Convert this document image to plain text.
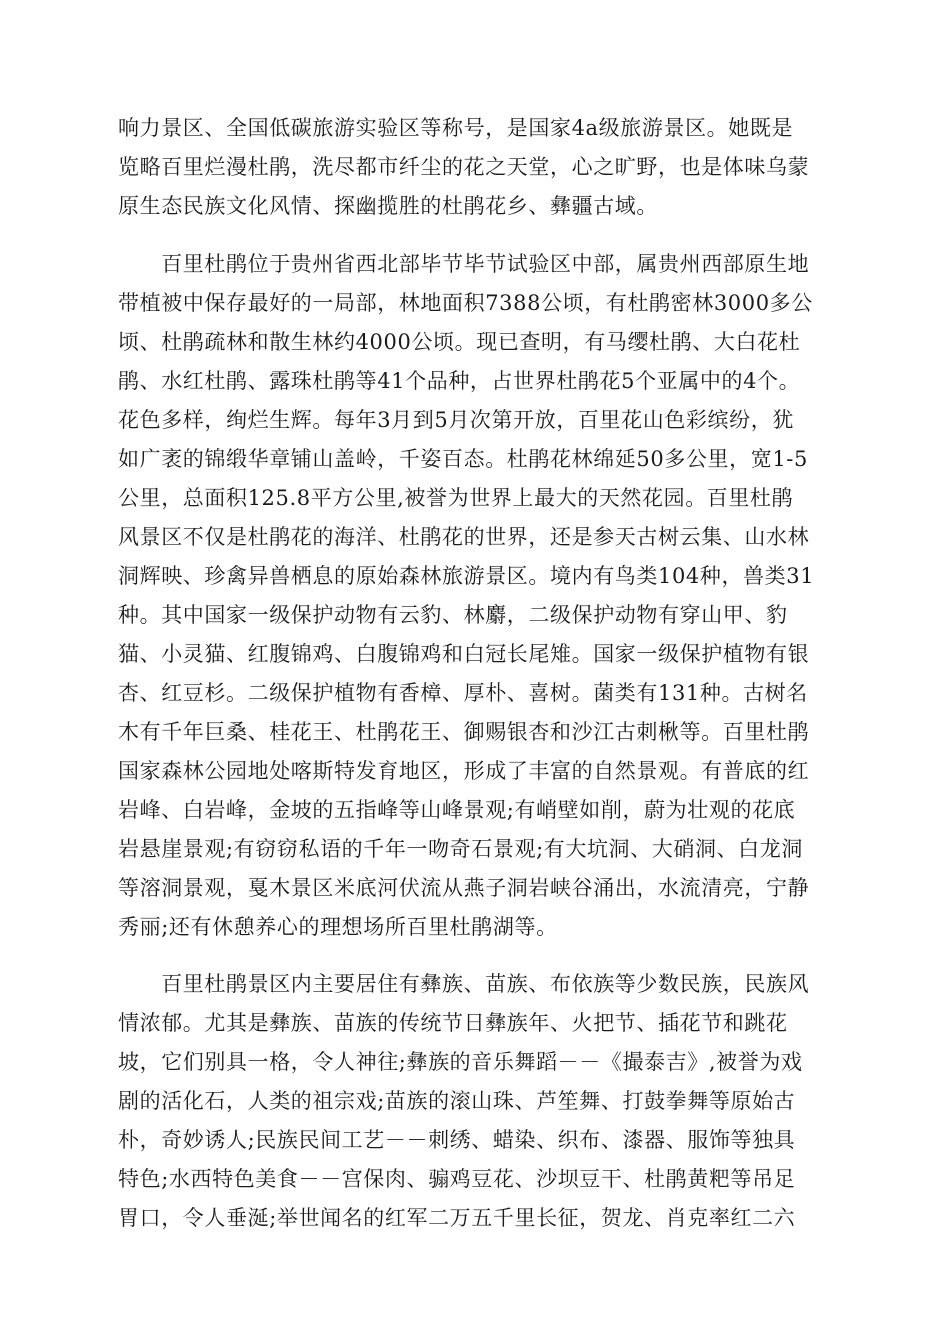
响力景区、全国低碳旅游实验区等称号，是国家4a级旅游景区。她既是
览略百里烂漫杜鹃，洗尽都市纤尘的花之天堂，心之旷野，也是体味乌蒙
原生态民族文化风情、探幽揽胜的杜鹃花乡、彝疆古域。
　　百里杜鹃位于贵州省西北部毕节毕节试验区中部，属贵州西部原生地
带植被中保存最好的一局部，林地面积7388公顷，有杜鹃密林3000多公
顷、杜鹃疏林和散生林约4000公顷。现已查明，有马缨杜鹃、大白花杜
鹃、水红杜鹃、露珠杜鹃等41个品种，占世界杜鹃花5个亚属中的4个。
花色多样，绚烂生辉。每年3月到5月次第开放，百里花山色彩缤纷，犹
如广袤的锦缎华章铺山盖岭，千姿百态。杜鹃花林绵延50多公里，宽1-5
公里，总面积125.8平方公里,被誉为世界上最大的天然花园。百里杜鹃
风景区不仅是杜鹃花的海洋、杜鹃花的世界，还是参天古树云集、山水林
洞辉映、珍禽异兽栖息的原始森林旅游景区。境内有鸟类104种，兽类31
种。其中国家一级保护动物有云豹、林麝，二级保护动物有穿山甲、豹
猫、小灵猫、红腹锦鸡、白腹锦鸡和白冠长尾雉。国家一级保护植物有银
杏、红豆杉。二级保护植物有香樟、厚朴、喜树。菌类有131种。古树名
木有千年巨桑、桂花王、杜鹃花王、御赐银杏和沙江古刺楸等。百里杜鹃
国家森林公园地处喀斯特发育地区，形成了丰富的自然景观。有普底的红
岩峰、白岩峰，金坡的五指峰等山峰景观;有峭壁如削，蔚为壮观的花底
岩悬崖景观;有窃窃私语的千年一吻奇石景观;有大坑洞、大硝洞、白龙洞
等溶洞景观，戛木景区米底河伏流从燕子洞岩峡谷涌出，水流清亮，宁静
秀丽;还有休憩养心的理想场所百里杜鹃湖等。
　　百里杜鹃景区内主要居住有彝族、苗族、布依族等少数民族，民族风
情浓郁。尤其是彝族、苗族的传统节日彝族年、火把节、插花节和跳花
坡，它们别具一格，令人神往;彝族的音乐舞蹈－－《撮泰吉》,被誉为戏
剧的活化石，人类的祖宗戏;苗族的滚山珠、芦笙舞、打鼓拳舞等原始古
朴，奇妙诱人;民族民间工艺－－刺绣、蜡染、织布、漆器、服饰等独具
特色;水西特色美食－－宫保肉、骟鸡豆花、沙坝豆干、杜鹃黄粑等吊足
胃口，令人垂涎;举世闻名的红军二万五千里长征，贺龙、肖克率红二六
